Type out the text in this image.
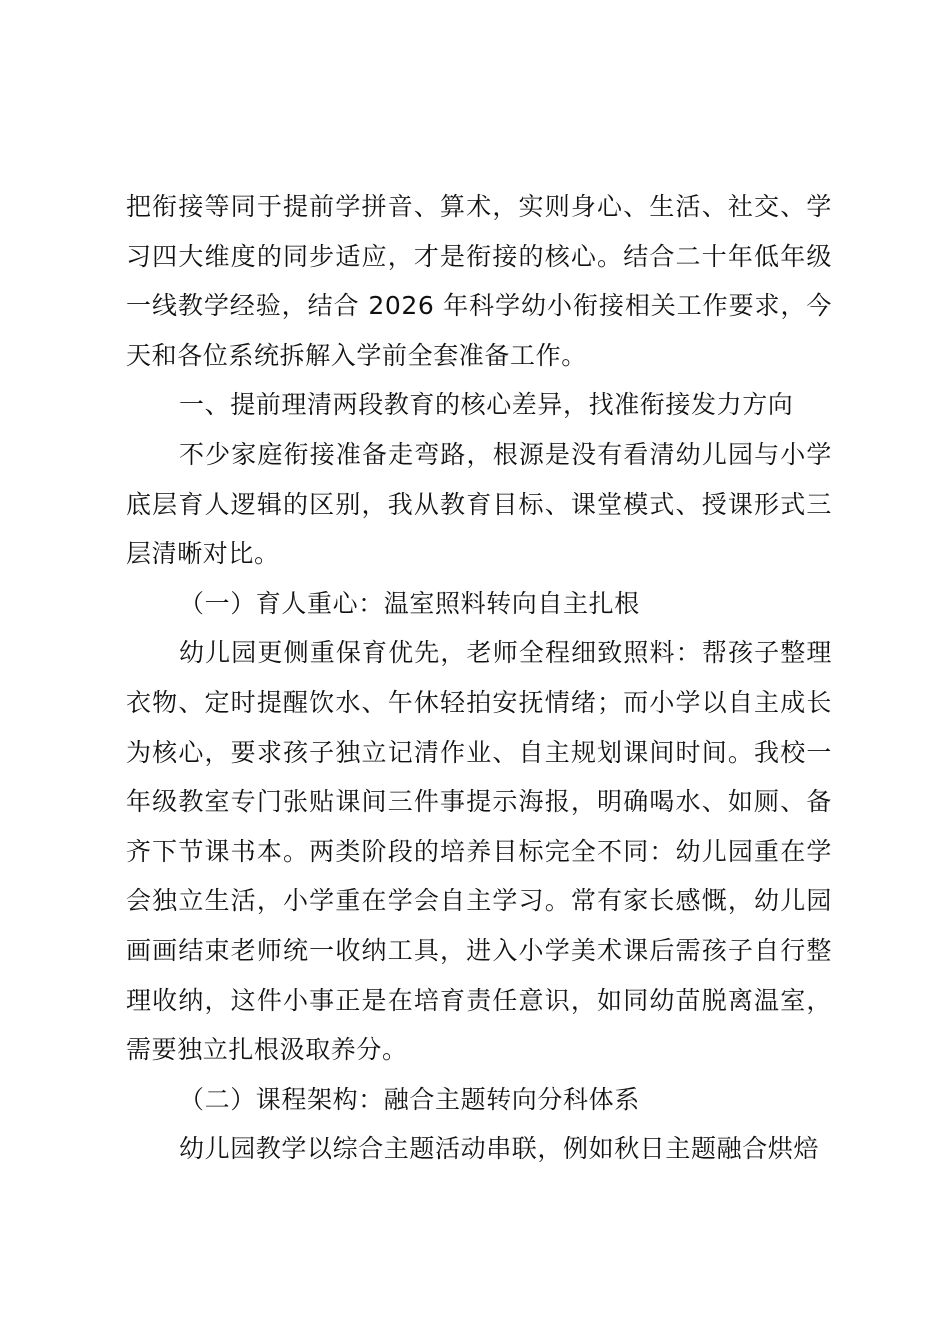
把衔接等同于提前学拼音、算术，实则身心、生活、社交、学习四大维度的同步适应，才是衔接的核心。结合二十年低年级一线教学经验，结合 2026 年科学幼小衔接相关工作要求，今天和各位系统拆解入学前全套准备工作。

一、提前理清两段教育的核心差异，找准衔接发力方向

不少家庭衔接准备走弯路，根源是没有看清幼儿园与小学底层育人逻辑的区别，我从教育目标、课堂模式、授课形式三层清晰对比。

（一）育人重心：温室照料转向自主扎根

幼儿园更侧重保育优先，老师全程细致照料：帮孩子整理衣物、定时提醒饮水、午休轻拍安抚情绪；而小学以自主成长为核心，要求孩子独立记清作业、自主规划课间时间。我校一年级教室专门张贴课间三件事提示海报，明确喝水、如厕、备齐下节课书本。两类阶段的培养目标完全不同：幼儿园重在学会独立生活，小学重在学会自主学习。常有家长感慨，幼儿园画画结束老师统一收纳工具，进入小学美术课后需孩子自行整理收纳，这件小事正是在培育责任意识，如同幼苗脱离温室，需要独立扎根汲取养分。

（二）课程架构：融合主题转向分科体系

幼儿园教学以综合主题活动串联，例如秋日主题融合烘焙
